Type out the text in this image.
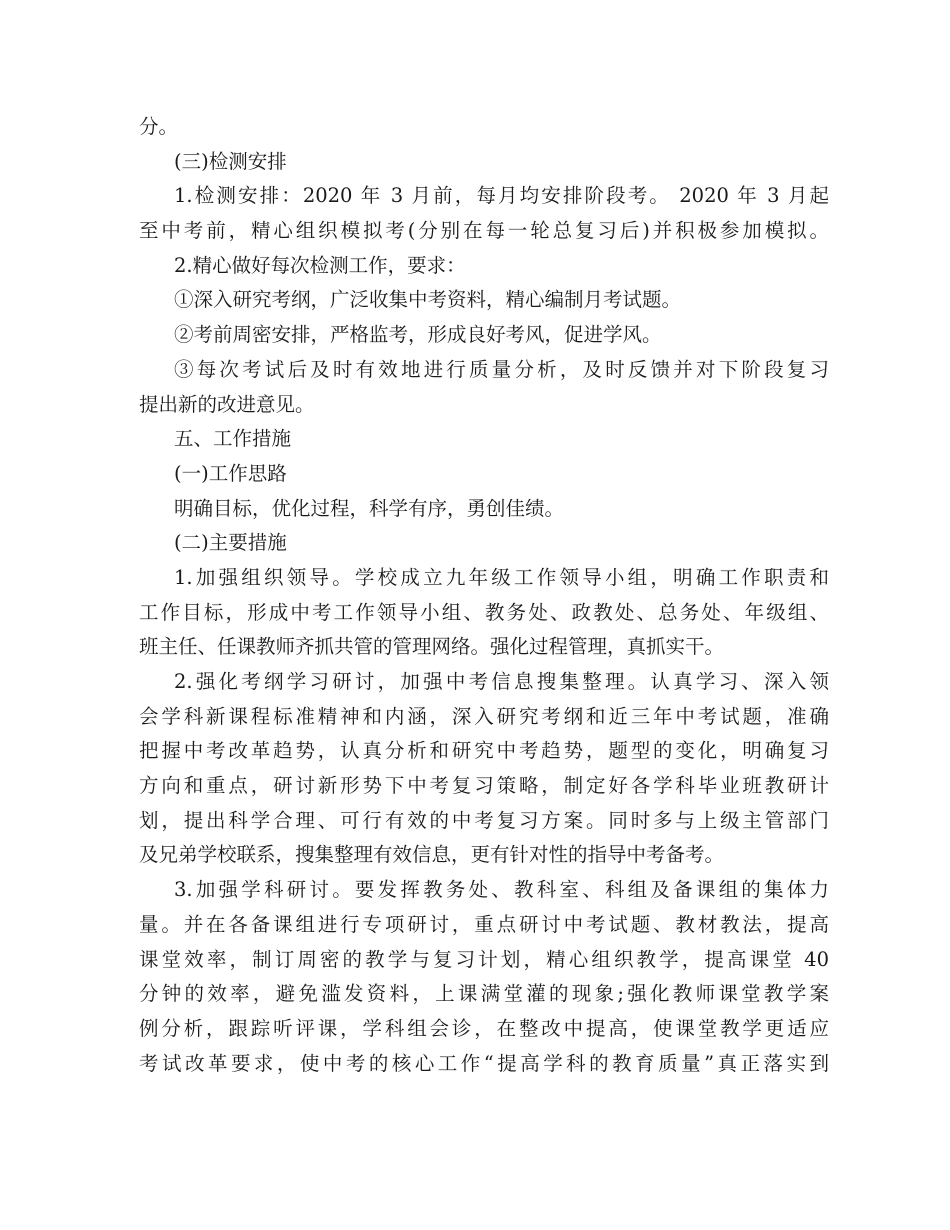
分。
(三)检测安排
1.检测安排：2020 年 3 月前，每月均安排阶段考。 2020 年 3 月起
至中考前，精心组织模拟考(分别在每一轮总复习后)并积极参加模拟。
2.精心做好每次检测工作，要求：
①深入研究考纲，广泛收集中考资料，精心编制月考试题。
②考前周密安排，严格监考，形成良好考风，促进学风。
③每次考试后及时有效地进行质量分析，及时反馈并对下阶段复习
提出新的改进意见。
五、工作措施
(一)工作思路
明确目标，优化过程，科学有序，勇创佳绩。
(二)主要措施
1.加强组织领导。学校成立九年级工作领导小组，明确工作职责和
工作目标，形成中考工作领导小组、教务处、政教处、总务处、年级组、
班主任、任课教师齐抓共管的管理网络。强化过程管理，真抓实干。
2.强化考纲学习研讨，加强中考信息搜集整理。认真学习、深入领
会学科新课程标准精神和内涵，深入研究考纲和近三年中考试题，准确
把握中考改革趋势，认真分析和研究中考趋势，题型的变化，明确复习
方向和重点，研讨新形势下中考复习策略，制定好各学科毕业班教研计
划，提出科学合理、可行有效的中考复习方案。同时多与上级主管部门
及兄弟学校联系，搜集整理有效信息，更有针对性的指导中考备考。
3.加强学科研讨。要发挥教务处、教科室、科组及备课组的集体力
量。并在各备课组进行专项研讨，重点研讨中考试题、教材教法，提高
课堂效率，制订周密的教学与复习计划，精心组织教学，提高课堂 40
分钟的效率，避免滥发资料，上课满堂灌的现象;强化教师课堂教学案
例分析，跟踪听评课，学科组会诊，在整改中提高，使课堂教学更适应
考试改革要求，使中考的核心工作“提高学科的教育质量”真正落实到
